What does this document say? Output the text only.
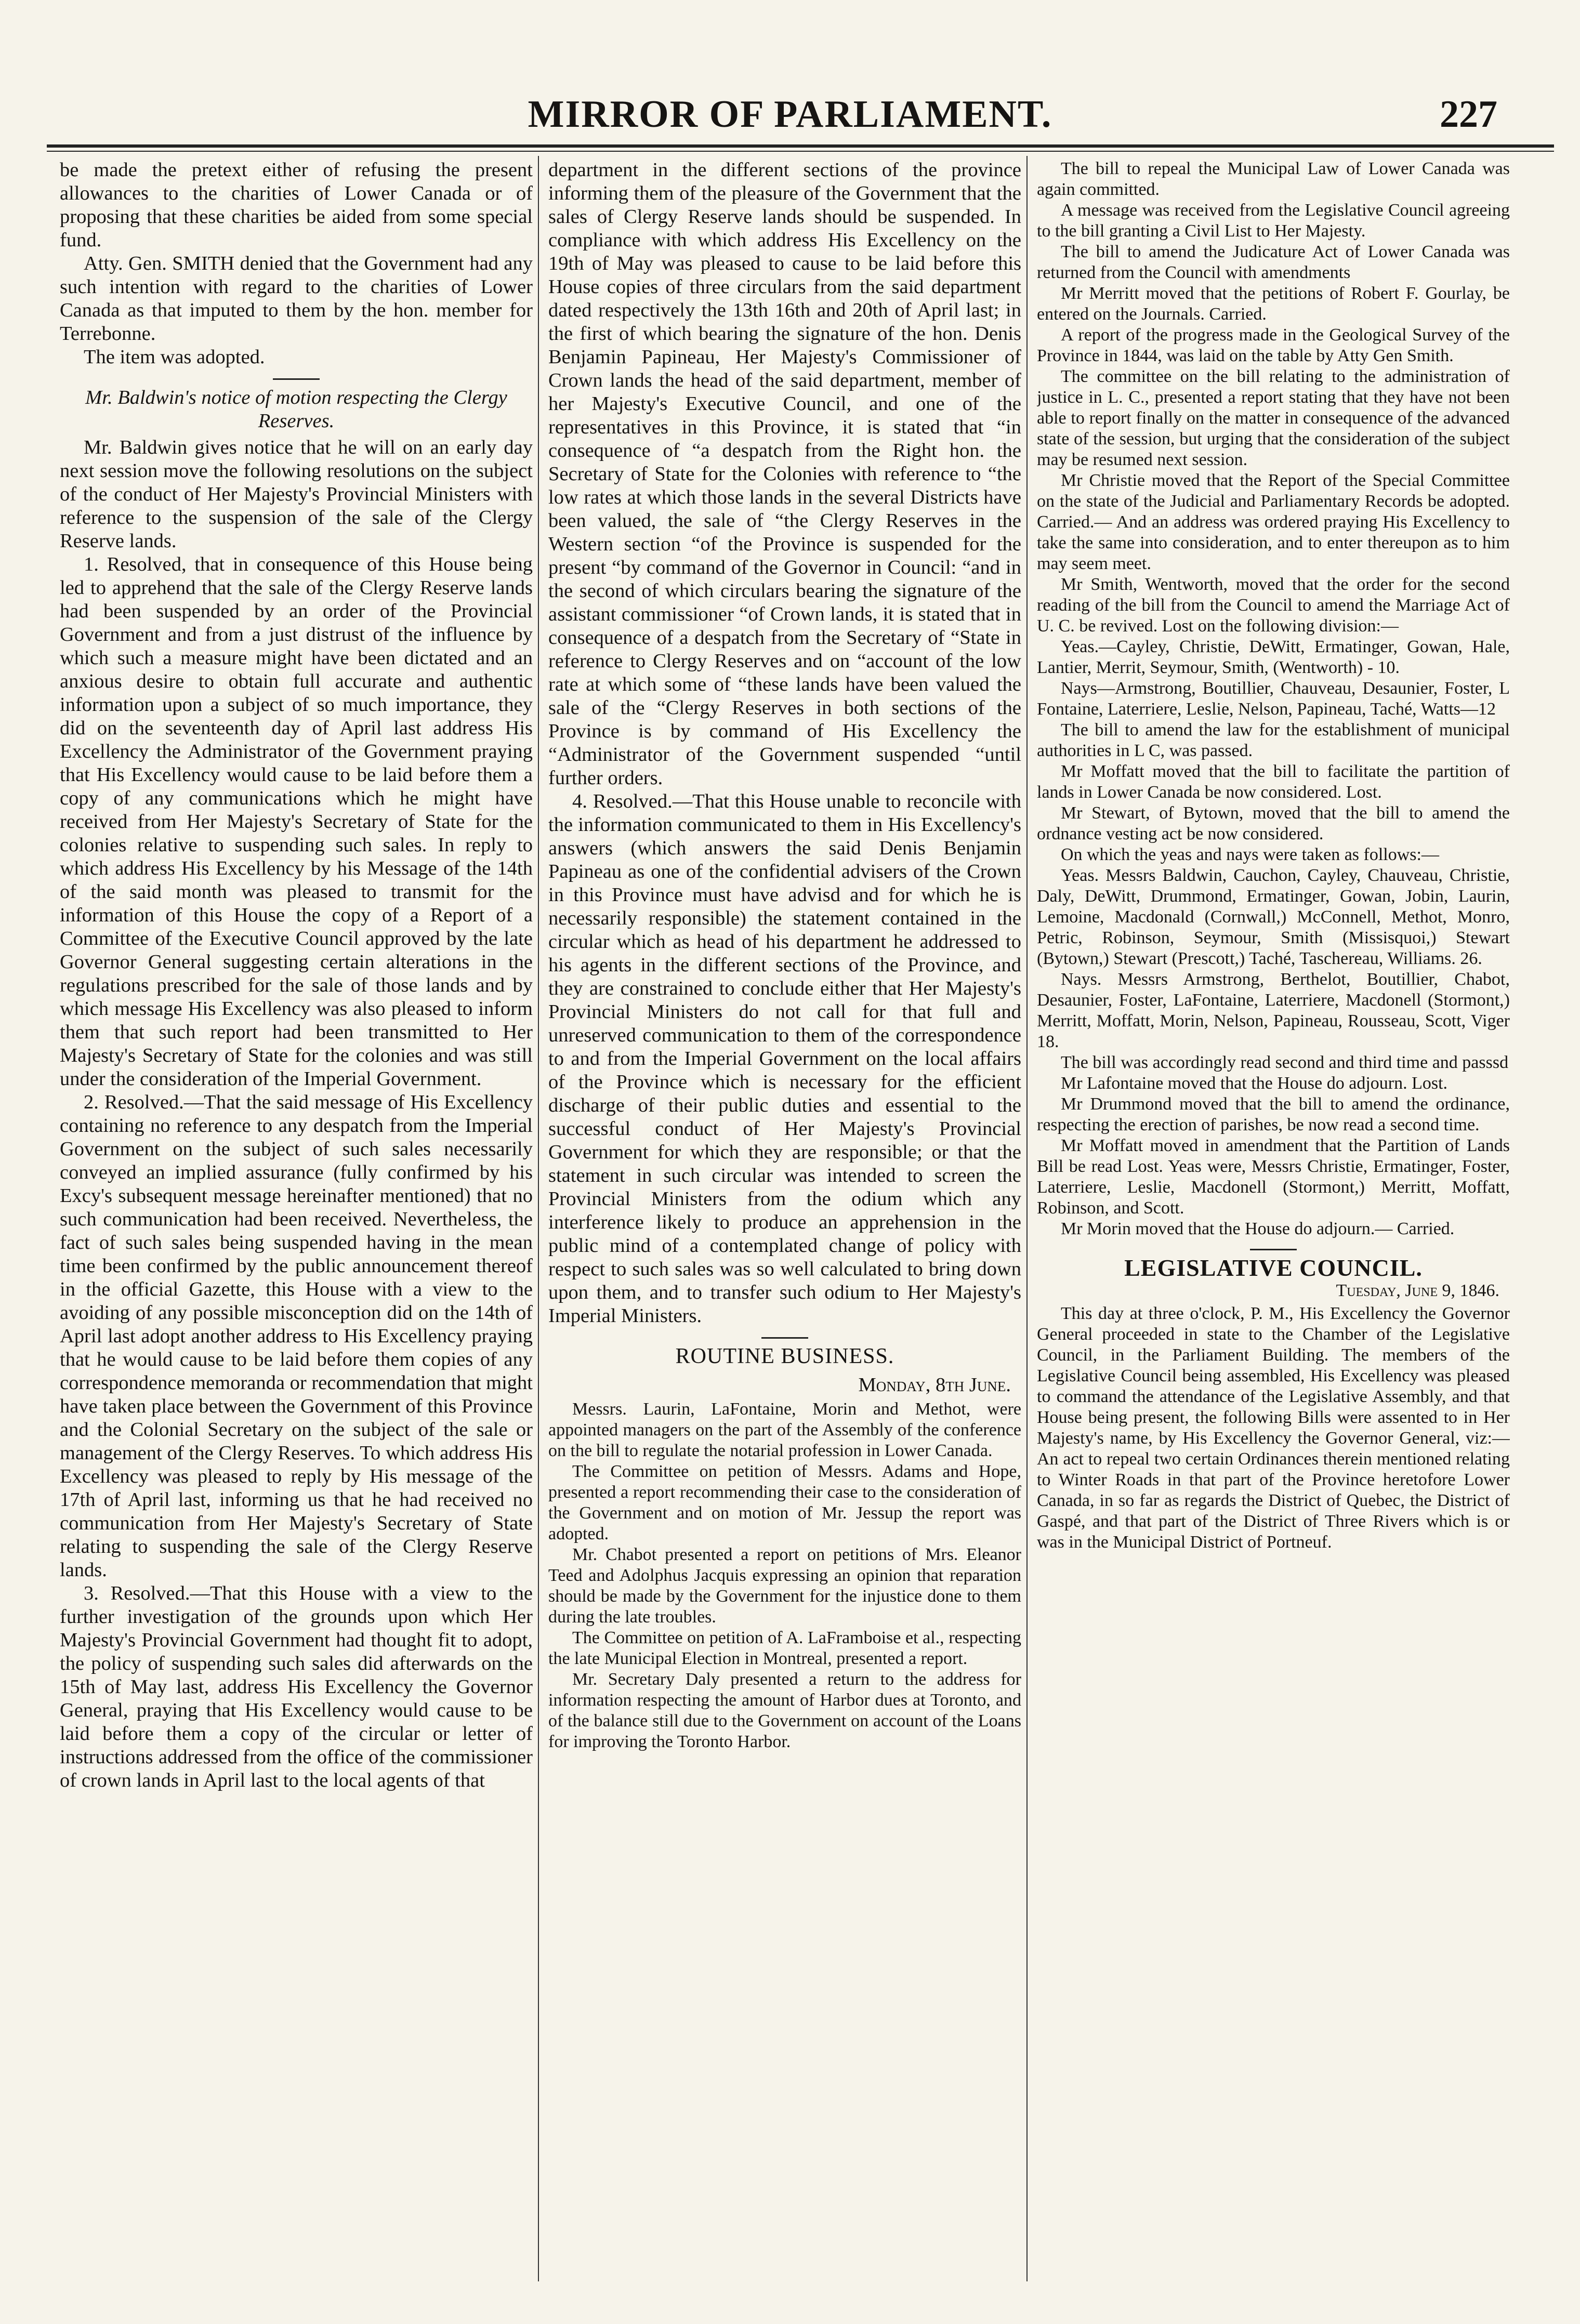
MIRROR OF PARLIAMENT.	227

be made the pretext either of refusing the present allowances to the charities of Lower Canada or of proposing that these charities be aided from some special fund.

Atty. Gen. SMITH denied that the Government had any such intention with regard to the charities of Lower Canada as that imputed to them by the hon. member for Terrebonne.

The item was adopted.

Mr. Baldwin's notice of motion respecting the Clergy Reserves.

Mr. Baldwin gives notice that he will on an early day next session move the following resolutions on the subject of the conduct of Her Majesty's Provincial Ministers with reference to the suspension of the sale of the Clergy Reserve lands.

1. Resolved, that in consequence of this House being led to apprehend that the sale of the Clergy Reserve lands had been suspended by an order of the Provincial Government and from a just distrust of the influence by which such a measure might have been dictated and an anxious desire to obtain full accurate and authentic information upon a subject of so much importance, they did on the seventeenth day of April last address His Excellency the Administrator of the Government praying that His Excellency would cause to be laid before them a copy of any communications which he might have received from Her Majesty's Secretary of State for the colonies relative to suspending such sales. In reply to which address His Excellency by his Message of the 14th of the said month was pleased to transmit for the information of this House the copy of a Report of a Committee of the Executive Council approved by the late Governor General suggesting certain alterations in the regulations prescribed for the sale of those lands and by which message His Excellency was also pleased to inform them that such report had been transmitted to Her Majesty's Secretary of State for the colonies and was still under the consideration of the Imperial Government.

2. Resolved.—That the said message of His Excellency containing no reference to any despatch from the Imperial Government on the subject of such sales necessarily conveyed an implied assurance (fully confirmed by his Excy's subsequent message hereinafter mentioned) that no such communication had been received. Nevertheless, the fact of such sales being suspended having in the mean time been confirmed by the public announcement thereof in the official Gazette, this House with a view to the avoiding of any possible misconception did on the 14th of April last adopt another address to His Excellency praying that he would cause to be laid before them copies of any correspondence memoranda or recommendation that might have taken place between the Government of this Province and the Colonial Secretary on the subject of the sale or management of the Clergy Reserves. To which address His Excellency was pleased to reply by His message of the 17th of April last, informing us that he had received no communication from Her Majesty's Secretary of State relating to suspending the sale of the Clergy Reserve lands.

3. Resolved.—That this House with a view to the further investigation of the grounds upon which Her Majesty's Provincial Government had thought fit to adopt, the policy of suspending such sales did afterwards on the 15th of May last, address His Excellency the Governor General, praying that His Excellency would cause to be laid before them a copy of the circular or letter of instructions addressed from the office of the commissioner of crown lands in April last to the local agents of that

department in the different sections of the province informing them of the pleasure of the Government that the sales of Clergy Reserve lands should be suspended. In compliance with which address His Excellency on the 19th of May was pleased to cause to be laid before this House copies of three circulars from the said department dated respectively the 13th 16th and 20th of April last; in the first of which bearing the signature of the hon. Denis Benjamin Papineau, Her Majesty's Commissioner of Crown lands the head of the said department, member of her Majesty's Executive Council, and one of the representatives in this Province, it is stated that “in consequence of “a despatch from the Right hon. the Secretary of State for the Colonies with reference to “the low rates at which those lands in the several Districts have been valued, the sale of “the Clergy Reserves in the Western section “of the Province is suspended for the present “by command of the Governor in Council: “and in the second of which circulars bearing the signature of the assistant commissioner “of Crown lands, it is stated that in consequence of a despatch from the Secretary of “State in reference to Clergy Reserves and on “account of the low rate at which some of “these lands have been valued the sale of the “Clergy Reserves in both sections of the Province is by command of His Excellency the “Administrator of the Government suspended “until further orders.

4. Resolved.—That this House unable to reconcile with the information communicated to them in His Excellency's answers (which answers the said Denis Benjamin Papineau as one of the confidential advisers of the Crown in this Province must have advisd and for which he is necessarily responsible) the statement contained in the circular which as head of his department he addressed to his agents in the different sections of the Province, and they are constrained to conclude either that Her Majesty's Provincial Ministers do not call for that full and unreserved communication to them of the correspondence to and from the Imperial Government on the local affairs of the Province which is necessary for the efficient discharge of their public duties and essential to the successful conduct of Her Majesty's Provincial Government for which they are responsible; or that the statement in such circular was intended to screen the Provincial Ministers from the odium which any interference likely to produce an apprehension in the public mind of a contemplated change of policy with respect to such sales was so well calculated to bring down upon them, and to transfer such odium to Her Majesty's Imperial Ministers.

ROUTINE BUSINESS.

Monday, 8th June.

Messrs. Laurin, LaFontaine, Morin and Methot, were appointed managers on the part of the Assembly of the conference on the bill to regulate the notarial profession in Lower Canada.

The Committee on petition of Messrs. Adams and Hope, presented a report recommending their case to the consideration of the Government and on motion of Mr. Jessup the report was adopted.

Mr. Chabot presented a report on petitions of Mrs. Eleanor Teed and Adolphus Jacquis expressing an opinion that reparation should be made by the Government for the injustice done to them during the late troubles.

The Committee on petition of A. LaFramboise et al., respecting the late Municipal Election in Montreal, presented a report.

Mr. Secretary Daly presented a return to the address for information respecting the amount of Harbor dues at Toronto, and of the balance still due to the Government on account of the Loans for improving the Toronto Harbor.

The bill to repeal the Municipal Law of Lower Canada was again committed.

A message was received from the Legislative Council agreeing to the bill granting a Civil List to Her Majesty.

The bill to amend the Judicature Act of Lower Canada was returned from the Council with amendments

Mr Merritt moved that the petitions of Robert F. Gourlay, be entered on the Journals. Carried.

A report of the progress made in the Geological Survey of the Province in 1844, was laid on the table by Atty Gen Smith.

The committee on the bill relating to the administration of justice in L. C., presented a report stating that they have not been able to report finally on the matter in consequence of the advanced state of the session, but urging that the consideration of the subject may be resumed next session.

Mr Christie moved that the Report of the Special Committee on the state of the Judicial and Parliamentary Records be adopted. Carried.— And an address was ordered praying His Excellency to take the same into consideration, and to enter thereupon as to him may seem meet.

Mr Smith, Wentworth, moved that the order for the second reading of the bill from the Council to amend the Marriage Act of U. C. be revived. Lost on the following division:—

Yeas.—Cayley, Christie, DeWitt, Ermatinger, Gowan, Hale, Lantier, Merrit, Seymour, Smith, (Wentworth) - 10.

Nays—Armstrong, Boutillier, Chauveau, Desaunier, Foster, L Fontaine, Laterriere, Leslie, Nelson, Papineau, Taché, Watts—12

The bill to amend the law for the establishment of municipal authorities in L C, was passed.

Mr Moffatt moved that the bill to facilitate the partition of lands in Lower Canada be now considered. Lost.

Mr Stewart, of Bytown, moved that the bill to amend the ordnance vesting act be now considered.

On which the yeas and nays were taken as follows:—

Yeas. Messrs Baldwin, Cauchon, Cayley, Chauveau, Christie, Daly, DeWitt, Drummond, Ermatinger, Gowan, Jobin, Laurin, Lemoine, Macdonald (Cornwall,) McConnell, Methot, Monro, Petric, Robinson, Seymour, Smith (Missisquoi,) Stewart (Bytown,) Stewart (Prescott,) Taché, Taschereau, Williams. 26.

Nays. Messrs Armstrong, Berthelot, Boutillier, Chabot, Desaunier, Foster, LaFontaine, Laterriere, Macdonell (Stormont,) Merritt, Moffatt, Morin, Nelson, Papineau, Rousseau, Scott, Viger 18.

The bill was accordingly read second and third time and passsd

Mr Lafontaine moved that the House do adjourn. Lost.

Mr Drummond moved that the bill to amend the ordinance, respecting the erection of parishes, be now read a second time.

Mr Moffatt moved in amendment that the Partition of Lands Bill be read Lost. Yeas were, Messrs Christie, Ermatinger, Foster, Laterriere, Leslie, Macdonell (Stormont,) Merritt, Moffatt, Robinson, and Scott.

Mr Morin moved that the House do adjourn.— Carried.

LEGISLATIVE COUNCIL.

Tuesday, June 9, 1846.

This day at three o'clock, P. M., His Excellency the Governor General proceeded in state to the Chamber of the Legislative Council, in the Parliament Building. The members of the Legislative Council being assembled, His Excellency was pleased to command the attendance of the Legislative Assembly, and that House being present, the following Bills were assented to in Her Majesty's name, by His Excellency the Governor General, viz:— An act to repeal two certain Ordinances therein mentioned relating to Winter Roads in that part of the Province heretofore Lower Canada, in so far as regards the District of Quebec, the District of Gaspé, and that part of the District of Three Rivers which is or was in the Municipal District of Portneuf.
